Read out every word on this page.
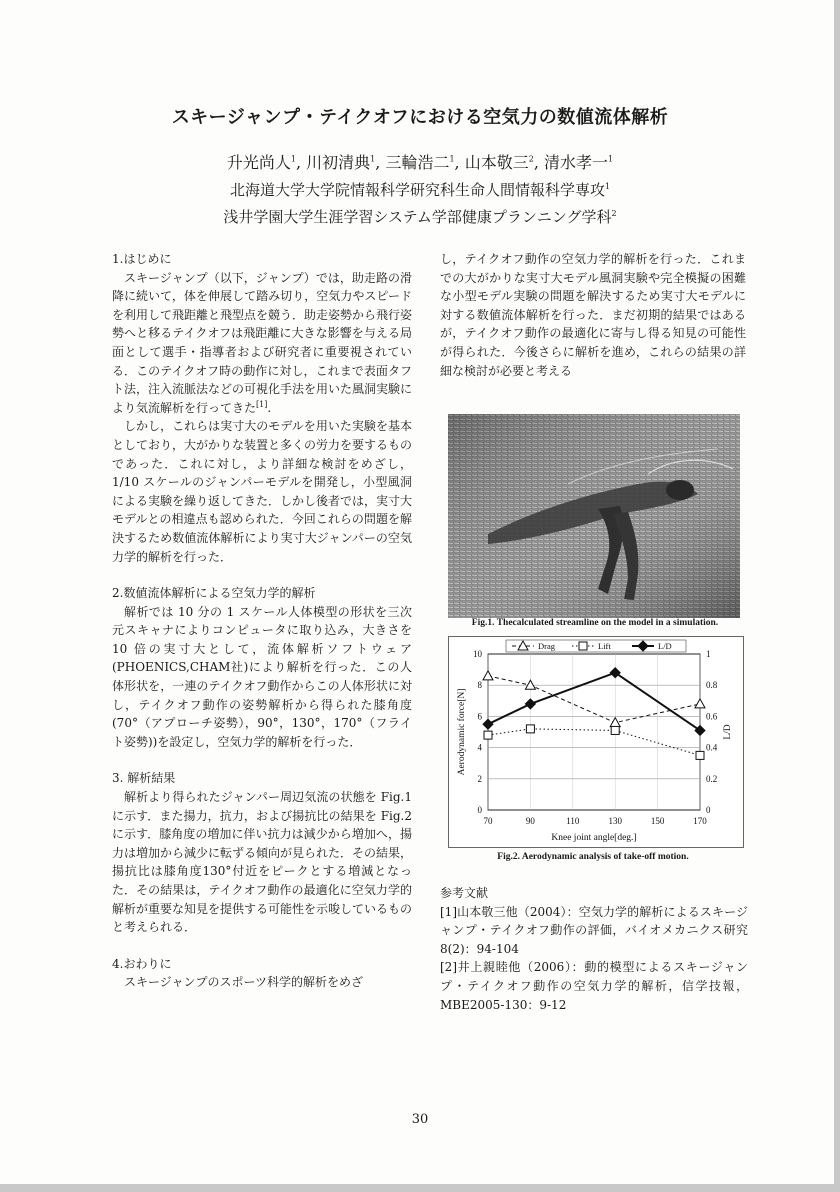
スキージャンプ・テイクオフにおける空気力の数値流体解析
升光尚人$^1$, 川初清典$^1$, 三輪浩二$^1$, 山本敬三$^2$, 清水孝一$^1$
北海道大学大学院情報科学研究科生命人間情報科学専攻$^1$
浅井学園大学生涯学習システム学部健康プランニング学科$^2$

1.はじめに

スキージャンプ（以下，ジャンプ）では，助走路の滑降に続いて，体を伸展して踏み切り，空気力やスピードを利用して飛距離と飛型点を競う．助走姿勢から飛行姿勢へと移るテイクオフは飛距離に大きな影響を与える局面として選手・指導者および研究者に重要視されている．このテイクオフ時の動作に対し，これまで表面タフト法，注入流脈法などの可視化手法を用いた風洞実験により気流解析を行ってきた[1].

しかし，これらは実寸大のモデルを用いた実験を基本としており，大がかりな装置と多くの労力を要するものであった．これに対し，より詳細な検討をめざし，1/10 スケールのジャンパーモデルを開発し，小型風洞による実験を繰り返してきた．しかし後者では，実寸大モデルとの相違点も認められた．今回これらの問題を解決するため数値流体解析により実寸大ジャンパーの空気力学的解析を行った．

2.数値流体解析による空気力学的解析

解析では 10 分の 1 スケール人体模型の形状を三次元スキャナによりコンピュータに取り込み，大きさを 10 倍の実寸大として，流体解析ソフトウェア(PHOENICS,CHAM社)により解析を行った．この人体形状を，一連のテイクオフ動作からこの人体形状に対し，テイクオフ動作の姿勢解析から得られた膝角度(70°（アプローチ姿勢），90°，130°，170°（フライト姿勢))を設定し，空気力学的解析を行った．

3. 解析結果

解析より得られたジャンパー周辺気流の状態を Fig.1 に示す．また揚力，抗力，および揚抗比の結果を Fig.2 に示す．膝角度の増加に伴い抗力は減少から増加へ，揚力は増加から減少に転ずる傾向が見られた．その結果，揚抗比は膝角度130°付近をピークとする増減となった．その結果は，テイクオフ動作の最適化に空気力学的解析が重要な知見を提供する可能性を示唆しているものと考えられる．

4.おわりに

スキージャンプのスポーツ科学的解析をめざ

Fig.1. Thecalculated streamline on the model in a simulation.

し，テイクオフ動作の空気力学的解析を行った．これまでの大がかりな実寸大モデル風洞実験や完全模擬の困難な小型モデル実験の問題を解決するため実寸大モデルに対する数値流体解析を行った．まだ初期的結果ではあるが，テイクオフ動作の最適化に寄与し得る知見の可能性が得られた．今後さらに解析を進め，これらの結果の詳細な検討が必要と考える

0
2
4
6
8
10
0
0.2
0.4
0.6
0.8
1
70	90	110	130	150	170
Knee joint angle[deg.]
Aerodynamic force[N]	L/D
Drag	Lift	L/D
Fig.2. Aerodynamic analysis of take-off motion.

参考文献

[1]山本敬三他（2004）：空気力学的解析によるスキージャンプ・テイクオフ動作の評価，バイオメカニクス研究 8(2)：94-104

[2]井上親睦他（2006）：動的模型によるスキージャンプ・テイクオフ動作の空気力学的解析，信学技報，MBE2005-130：9-12

30
